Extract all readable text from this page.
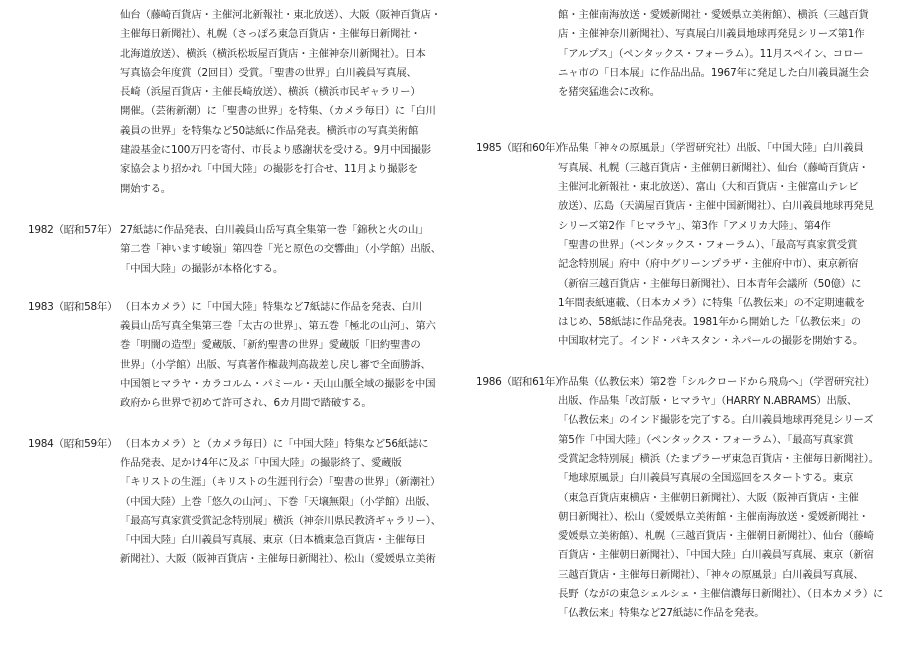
仙台（藤崎百貨店・主催河北新報社・東北放送）、大阪（阪神百貨店・
主催毎日新聞社）、札幌（さっぽろ東急百貨店・主催毎日新聞社・
北海道放送）、横浜（横浜松坂屋百貨店・主催神奈川新聞社）。日本
写真協会年度賞（2回目）受賞。「聖書の世界」白川義員写真展、
長崎（浜屋百貨店・主催長崎放送）、横浜（横浜市民ギャラリー）
開催。（芸術新潮）に「聖書の世界」を特集、（カメラ毎日）に「白川
義員の世界」を特集など50誌紙に作品発表。横浜市の写真美術館
建設基金に100万円を寄付、市長より感謝状を受ける。9月中国撮影
家協会より招かれ「中国大陸」の撮影を打合せ、11月より撮影を
開始する。
1982（昭和57年） 27紙誌に作品発表、白川義員山岳写真全集第一巻「錦秋と火の山」
第二巻「神います峻嶺」第四巻「光と原色の交響曲」（小学館）出版、
「中国大陸」の撮影が本格化する。
1983（昭和58年） （日本カメラ）に「中国大陸」特集など7紙誌に作品を発表、白川
義員山岳写真全集第三巻「太古の世界」、第五巻「極北の山河」、第六
巻「明闇の造型」愛蔵版、「新約聖書の世界」愛蔵版「旧約聖書の
世界」（小学館）出版、写真著作権裁判高裁差し戻し審で全面勝訴、
中国領ヒマラヤ・カラコルム・パミール・天山山脈全域の撮影を中国
政府から世界で初めて許可され、6カ月間で踏破する。
1984（昭和59年） （日本カメラ）と（カメラ毎日）に「中国大陸」特集など56紙誌に
作品発表、足かけ4年に及ぶ「中国大陸」の撮影終了、愛蔵版
「キリストの生涯」（キリストの生涯刊行会）「聖書の世界」（新潮社）
（中国大陸）上巻「悠久の山河」、下巻「天壌無限」（小学館）出版、
「最高写真家賞受賞記念特別展」横浜（神奈川県民教済ギャラリー）、
「中国大陸」白川義員写真展、東京（日本橋東急百貨店・主催毎日
新聞社）、大阪（阪神百貨店・主催毎日新聞社）、松山（愛媛県立美術
館・主催南海放送・愛媛新聞社・愛媛県立美術館）、横浜（三越百貨
店・主催神奈川新聞社）、写真展白川義員地球再発見シリーズ第1作
「アルプス」（ペンタックス・フォーラム）。11月スペイン、コロー
ニャ市の「日本展」に作品出品。1967年に発足した白川義員誕生会
を猪突猛進会に改称。
1985（昭和60年）
作品集「神々の原風景」（学習研究社）出版、「中国大陸」白川義員
写真展、札幌（三越百貨店・主催朝日新聞社）、仙台（藤崎百貨店・
主催河北新報社・東北放送）、富山（大和百貨店・主催富山テレビ
放送）、広島（天満屋百貨店・主催中国新聞社）、白川義員地球再発見
シリーズ第2作「ヒマラヤ」、第3作「アメリカ大陸」、第4作
「聖書の世界」（ペンタックス・フォーラム）、「最高写真家賞受賞
記念特別展」府中（府中グリーンプラザ・主催府中市）、東京新宿
（新宿三越百貨店・主催毎日新聞社）、日本青年会議所（50億）に
1年間表紙連載、（日本カメラ）に特集「仏教伝来」の不定期連載を
はじめ、58紙誌に作品発表。1981年から開始した「仏教伝来」の
中国取材完了。インド・パキスタン・ネパールの撮影を開始する。
1986（昭和61年）
作品集（仏教伝来）第2巻「シルクロードから飛鳥へ」（学習研究社）
出版、作品集「改訂版・ヒマラヤ」（HARRY N.ABRAMS）出版、
「仏教伝来」のインド撮影を完了する。白川義員地球再発見シリーズ
第5作「中国大陸」（ペンタックス・フォーラム）、「最高写真家賞
受賞記念特別展」横浜（たまプラーザ東急百貨店・主催毎日新聞社）。
「地球原風景」白川義員写真展の全国巡回をスタートする。東京
（東急百貨店東横店・主催朝日新聞社）、大阪（阪神百貨店・主催
朝日新聞社）、松山（愛媛県立美術館・主催南海放送・愛媛新聞社・
愛媛県立美術館）、札幌（三越百貨店・主催朝日新聞社）、仙台（藤崎
百貨店・主催朝日新聞社）、「中国大陸」白川義員写真展、東京（新宿
三越百貨店・主催毎日新聞社）、「神々の原風景」白川義員写真展、
長野（ながの東急シェルシェ・主催信濃毎日新聞社）、（日本カメラ）に
「仏教伝来」特集など27紙誌に作品を発表。
